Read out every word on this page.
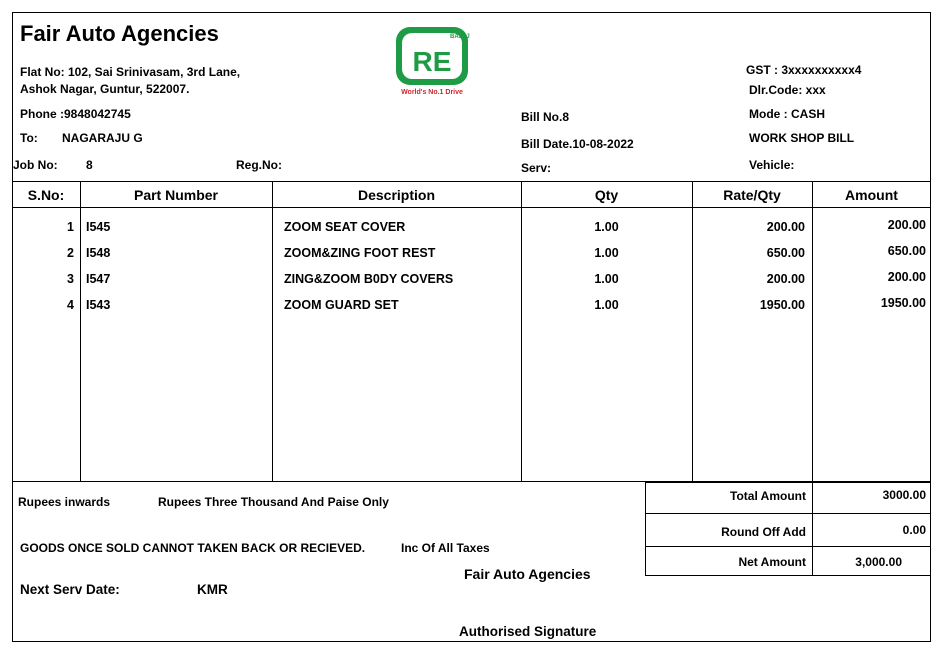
Fair Auto Agencies
Flat No: 102, Sai Srinivasam, 3rd Lane,
Ashok Nagar, Guntur, 522007.
Phone :9848042745
To: NAGARAJU G
Job No: 8	Reg.No:
BAJAJ
RE
World's No.1 Drive
Bill No.8
Bill Date.10-08-2022
Serv:
GST : 3xxxxxxxxxx4
Dlr.Code: xxx
Mode : CASH
WORK SHOP BILL
Vehicle:
S.No:	Part Number	Description	Qty	Rate/Qty	Amount
1 I545	ZOOM SEAT COVER	1.00	200.00	200.00
2 I548	ZOOM&ZING FOOT REST	1.00	650.00	650.00
3 I547	ZING&ZOOM B0DY COVERS	1.00	200.00	200.00
4 I543	ZOOM GUARD SET	1.00	1950.00	1950.00
Rupees inwards	Rupees Three Thousand And Paise Only
GOODS ONCE SOLD CANNOT TAKEN BACK OR RECIEVED.	Inc Of All Taxes
Next Serv Date:	KMR
Fair Auto Agencies
Authorised Signature
Total Amount	3000.00
Round Off Add	0.00
Net Amount	3,000.00
